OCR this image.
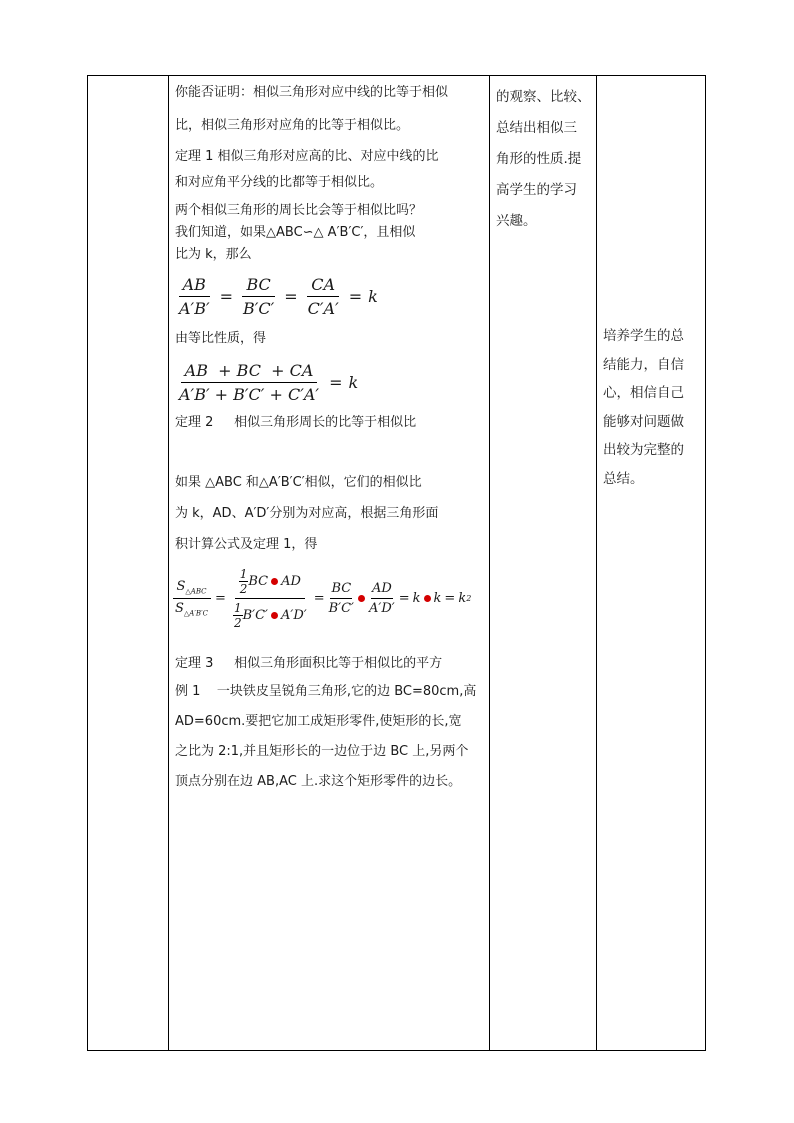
你能否证明：相似三角形对应中线的比等于相似

比，相似三角形对应角的比等于相似比。

定理 1 相似三角形对应高的比、对应中线的比

和对应角平分线的比都等于相似比。

两个相似三角形的周长比会等于相似比吗？

我们知道，如果△ABC∽△ A′B′C′，且相似

比为 k，那么

$\frac{AB}{A'B'} = \frac{BC}{B'C'} = \frac{CA}{C'A'} = k$

由等比性质，得

$\frac{AB + BC + CA}{A'B' + B'C' + C'A'} = k$

定理 2     相似三角形周长的比等于相似比

如果 △ABC 和△A′B′C′相似，它们的相似比

为 k，AD、A′D′分别为对应高，根据三角形面

积计算公式及定理 1，得

$\frac{S_{\triangle ABC}}{S_{\triangle A'B'C}} = \frac{\frac{1}{2} BC AD}{\frac{1}{2} B'C' A'D'} = \frac{BC}{B'C'} \frac{AD}{A'D'} = k$ k = k 2

定理 3     相似三角形面积比等于相似比的平方

例 1    一块铁皮呈锐角三角形,它的边 BC=80cm,高

AD=60cm.要把它加工成矩形零件,使矩形的长,宽

之比为 2:1,并且矩形长的一边位于边 BC 上,另两个

顶点分别在边 AB,AC 上.求这个矩形零件的边长。

的观察、比较、

总结出相似三

角形的性质.提

高学生的学习

兴趣。

培养学生的总

结能力，自信

心，相信自己

能够对问题做

出较为完整的

总结。
